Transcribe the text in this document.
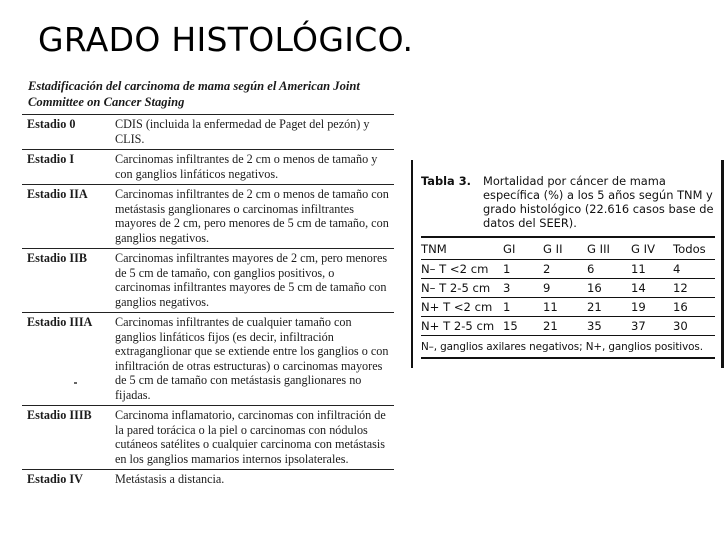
GRADO HISTOLÓGICO.
Estadificación del carcinoma de mama según el American Joint Committee on Cancer Staging
Estadio 0	CDIS (incluida la enfermedad de Paget del pezón) y CLIS.
Estadio I	Carcinomas infiltrantes de 2 cm o menos de tamaño y con ganglios linfáticos negativos.
Estadio IIA	Carcinomas infiltrantes de 2 cm o menos de tamaño con metástasis ganglionares o carcinomas infiltrantes mayores de 2 cm, pero menores de 5 cm de tamaño, con ganglios negativos.
Estadio IIB	Carcinomas infiltrantes mayores de 2 cm, pero menores de 5 cm de tamaño, con ganglios positivos, o carcinomas infiltrantes mayores de 5 cm de tamaño con ganglios negativos.
Estadio IIIA	Carcinomas infiltrantes de cualquier tamaño con ganglios linfáticos fijos (es decir, infiltración extraganglionar que se extiende entre los ganglios o con infiltración de otras estructuras) o carcinomas mayores de 5 cm de tamaño con metástasis ganglionares no fijadas.
Estadio IIIB	Carcinoma inflamatorio, carcinomas con infiltración de la pared torácica o la piel o carcinomas con nódulos cutáneos satélites o cualquier carcinoma con metástasis en los ganglios mamarios internos ipsolaterales.
Estadio IV	Metástasis a distancia.
Tabla 3.	Mortalidad por cáncer de mama específica (%) a los 5 años según TNM y grado histológico (22.616 casos base de datos del SEER).
TNM	GI	G II	G III	G IV	Todos
N– T <2 cm	1	2	6	11	4
N– T 2-5 cm	3	9	16	14	12
N+ T <2 cm	1	11	21	19	16
N+ T 2-5 cm	15	21	35	37	30
N–, ganglios axilares negativos; N+, ganglios positivos.
